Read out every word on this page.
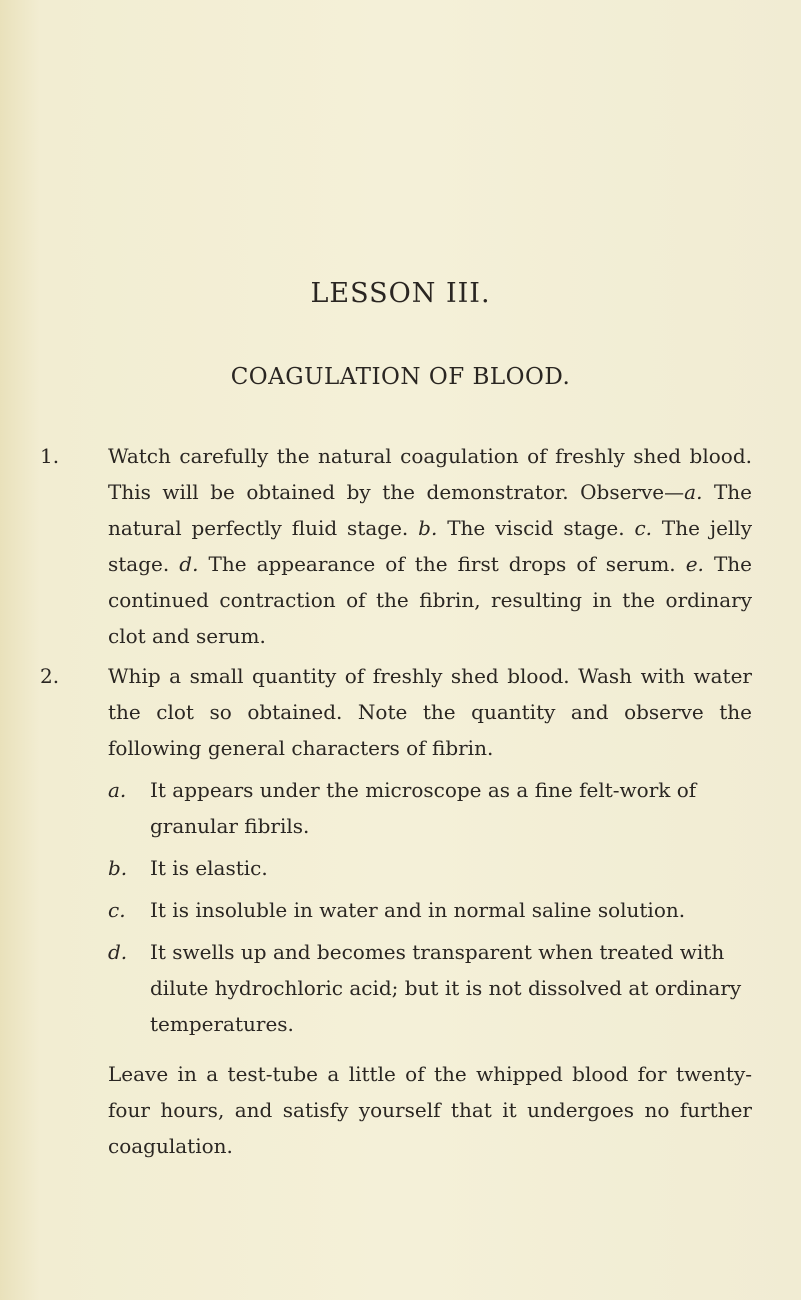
LESSON III.
COAGULATION OF BLOOD.
1. Watch carefully the natural coagulation of freshly shed blood. This will be obtained by the demonstrator. Observe—a. The natural perfectly fluid stage. b. The viscid stage. c. The jelly stage. d. The appearance of the first drops of serum. e. The continued contraction of the fibrin, resulting in the ordinary clot and serum.

2. Whip a small quantity of freshly shed blood. Wash with water the clot so obtained. Note the quantity and observe the following general characters of fibrin.

a. It appears under the microscope as a fine felt-work of granular fibrils.

b. It is elastic.

c. It is insoluble in water and in normal saline solution.

d. It swells up and becomes transparent when treated with dilute hydrochloric acid; but it is not dissolved at ordinary temperatures.

Leave in a test-tube a little of the whipped blood for twenty-four hours, and satisfy yourself that it undergoes no further coagulation.
